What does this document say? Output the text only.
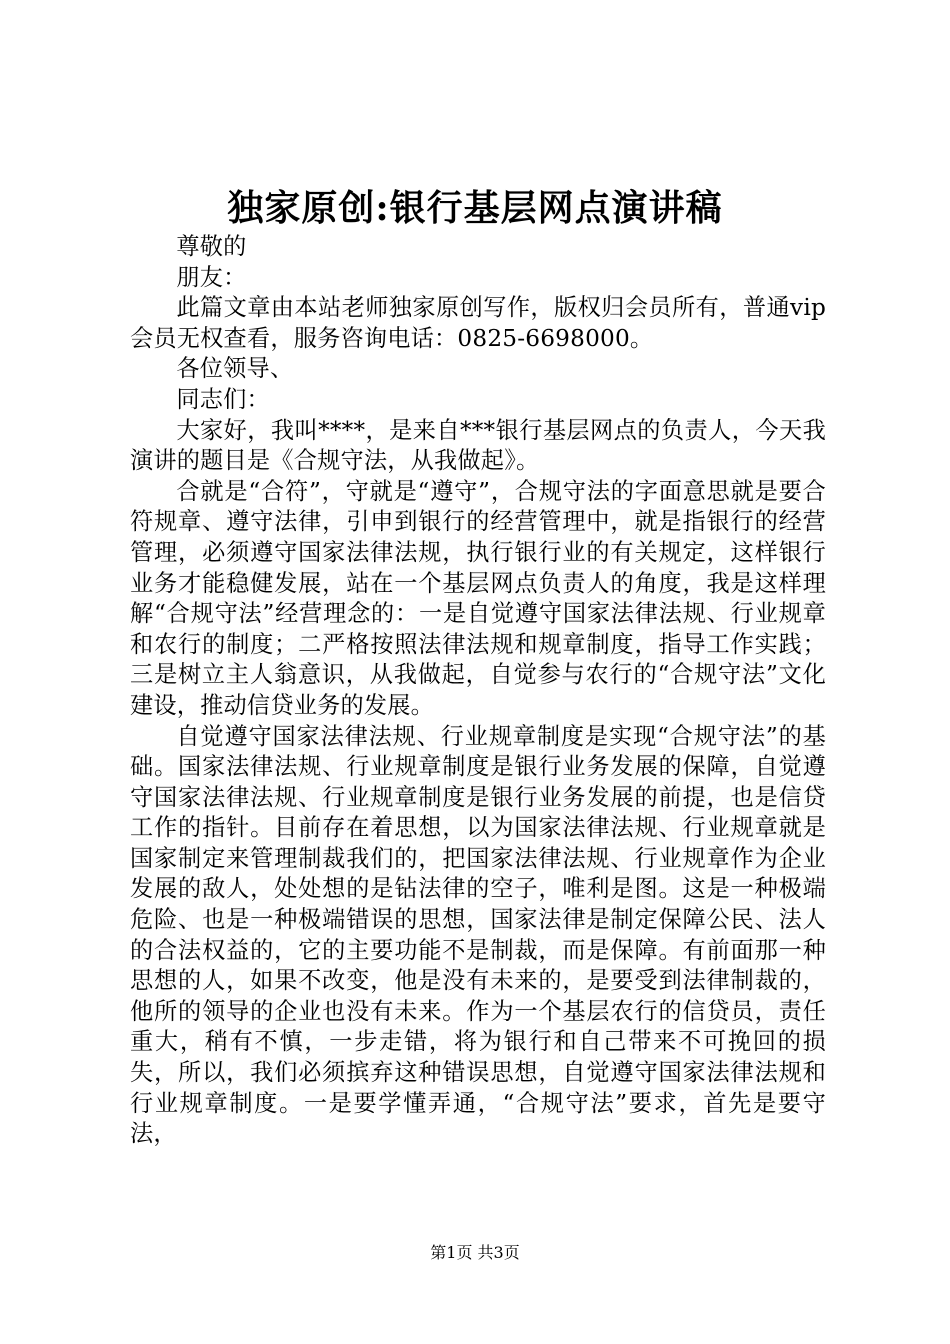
独家原创:银行基层网点演讲稿

尊敬的

朋友：

此篇文章由本站老师独家原创写作，版权归会员所有，普通vip会员无权查看，服务咨询电话：0825-6698000。

各位领导、

同志们：

大家好，我叫****，是来自***银行基层网点的负责人，今天我演讲的题目是《合规守法，从我做起》。

合就是“合符”，守就是“遵守”，合规守法的字面意思就是要合符规章、遵守法律，引申到银行的经营管理中，就是指银行的经营管理，必须遵守国家法律法规，执行银行业的有关规定，这样银行业务才能稳健发展，站在一个基层网点负责人的角度，我是这样理解“合规守法”经营理念的：一是自觉遵守国家法律法规、行业规章和农行的制度；二严格按照法律法规和规章制度，指导工作实践；三是树立主人翁意识，从我做起，自觉参与农行的“合规守法”文化建设，推动信贷业务的发展。

自觉遵守国家法律法规、行业规章制度是实现“合规守法”的基础。国家法律法规、行业规章制度是银行业务发展的保障，自觉遵守国家法律法规、行业规章制度是银行业务发展的前提，也是信贷工作的指针。目前存在着思想，以为国家法律法规、行业规章就是国家制定来管理制裁我们的，把国家法律法规、行业规章作为企业发展的敌人，处处想的是钻法律的空子，唯利是图。这是一种极端危险、也是一种极端错误的思想，国家法律是制定保障公民、法人的合法权益的，它的主要功能不是制裁，而是保障。有前面那一种思想的人，如果不改变，他是没有未来的，是要受到法律制裁的，他所的领导的企业也没有未来。作为一个基层农行的信贷员，责任重大，稍有不慎，一步走错，将为银行和自己带来不可挽回的损失，所以，我们必须摈弃这种错误思想，自觉遵守国家法律法规和行业规章制度。一是要学懂弄通，“合规守法”要求，首先是要守法，

第1页 共3页
